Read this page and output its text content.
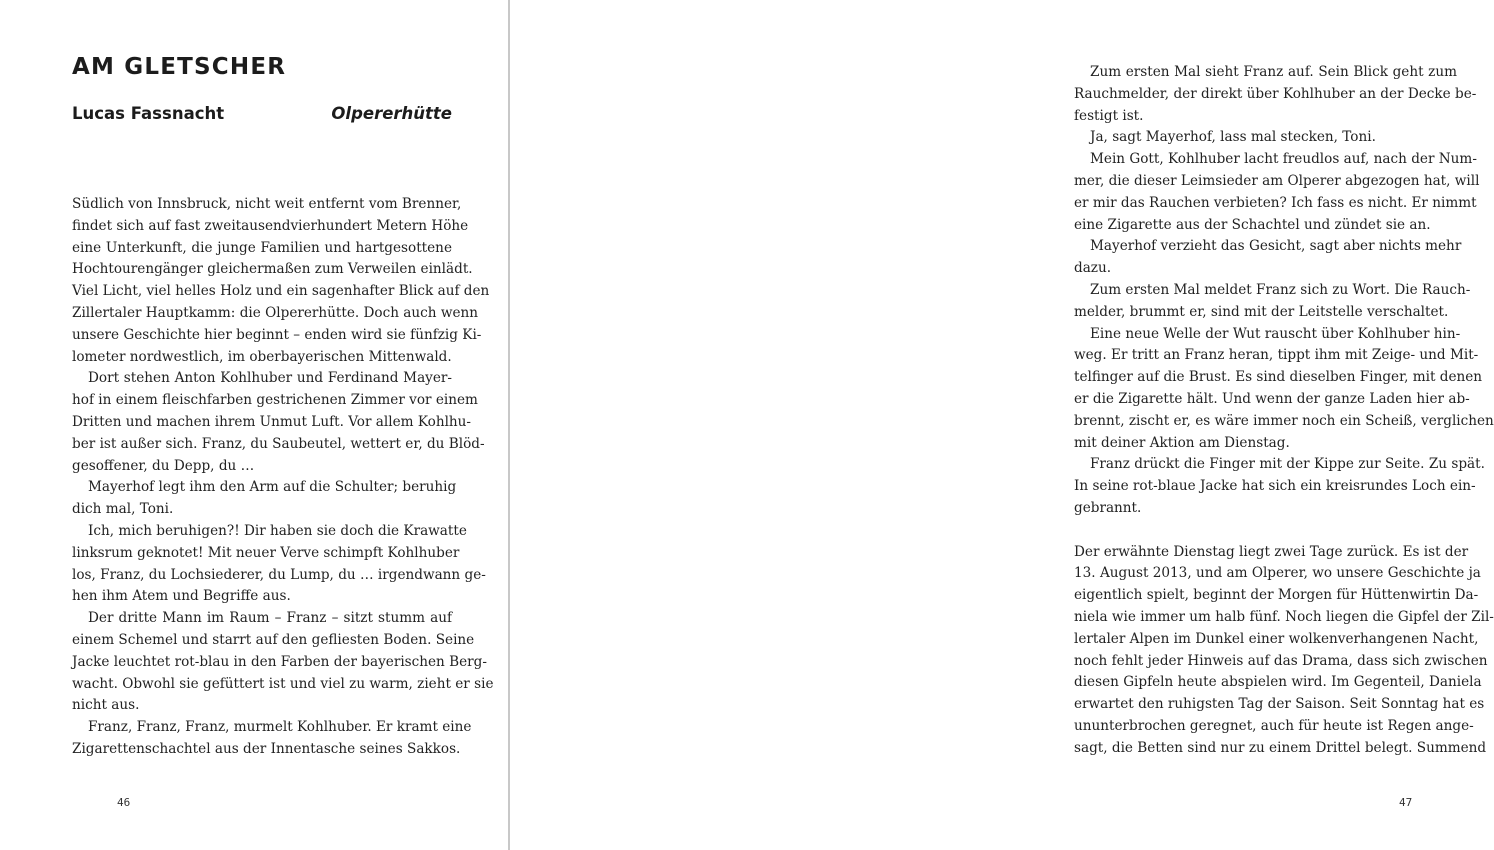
AM GLETSCHER
Lucas Fassnacht	Olpererhütte
Südlich von Innsbruck, nicht weit entfernt vom Brenner,
findet sich auf fast zweitausendvierhundert Metern Höhe
eine Unterkunft, die junge Familien und hartgesottene
Hochtourengänger gleichermaßen zum Verweilen einlädt.
Viel Licht, viel helles Holz und ein sagenhafter Blick auf den
Zillertaler Hauptkamm: die Olpererhütte. Doch auch wenn
unsere Geschichte hier beginnt – enden wird sie fünfzig Ki-
lometer nordwestlich, im oberbayerischen Mittenwald.
Dort stehen Anton Kohlhuber und Ferdinand Mayer-
hof in einem fleischfarben gestrichenen Zimmer vor einem
Dritten und machen ihrem Unmut Luft. Vor allem Kohlhu-
ber ist außer sich. Franz, du Saubeutel, wettert er, du Blöd-
gesoffener, du Depp, du …
Mayerhof legt ihm den Arm auf die Schulter; beruhig
dich mal, Toni.
Ich, mich beruhigen?! Dir haben sie doch die Krawatte
linksrum geknotet! Mit neuer Verve schimpft Kohlhuber
los, Franz, du Lochsiederer, du Lump, du … irgendwann ge-
hen ihm Atem und Begriffe aus.
Der dritte Mann im Raum – Franz – sitzt stumm auf
einem Schemel und starrt auf den gefliesten Boden. Seine
Jacke leuchtet rot-blau in den Farben der bayerischen Berg-
wacht. Obwohl sie gefüttert ist und viel zu warm, zieht er sie
nicht aus.
Franz, Franz, Franz, murmelt Kohlhuber. Er kramt eine
Zigarettenschachtel aus der Innentasche seines Sakkos.
46
Zum ersten Mal sieht Franz auf. Sein Blick geht zum
Rauchmelder, der direkt über Kohlhuber an der Decke be-
festigt ist.
Ja, sagt Mayerhof, lass mal stecken, Toni.
Mein Gott, Kohlhuber lacht freudlos auf, nach der Num-
mer, die dieser Leimsieder am Olperer abgezogen hat, will
er mir das Rauchen verbieten? Ich fass es nicht. Er nimmt
eine Zigarette aus der Schachtel und zündet sie an.
Mayerhof verzieht das Gesicht, sagt aber nichts mehr
dazu.
Zum ersten Mal meldet Franz sich zu Wort. Die Rauch-
melder, brummt er, sind mit der Leitstelle verschaltet.
Eine neue Welle der Wut rauscht über Kohlhuber hin-
weg. Er tritt an Franz heran, tippt ihm mit Zeige- und Mit-
telfinger auf die Brust. Es sind dieselben Finger, mit denen
er die Zigarette hält. Und wenn der ganze Laden hier ab-
brennt, zischt er, es wäre immer noch ein Scheiß, verglichen
mit deiner Aktion am Dienstag.
Franz drückt die Finger mit der Kippe zur Seite. Zu spät.
In seine rot-blaue Jacke hat sich ein kreisrundes Loch ein-
gebrannt.
Der erwähnte Dienstag liegt zwei Tage zurück. Es ist der
13. August 2013, und am Olperer, wo unsere Geschichte ja
eigentlich spielt, beginnt der Morgen für Hüttenwirtin Da-
niela wie immer um halb fünf. Noch liegen die Gipfel der Zil-
lertaler Alpen im Dunkel einer wolkenverhangenen Nacht,
noch fehlt jeder Hinweis auf das Drama, dass sich zwischen
diesen Gipfeln heute abspielen wird. Im Gegenteil, Daniela
erwartet den ruhigsten Tag der Saison. Seit Sonntag hat es
ununterbrochen geregnet, auch für heute ist Regen ange-
sagt, die Betten sind nur zu einem Drittel belegt. Summend
47
